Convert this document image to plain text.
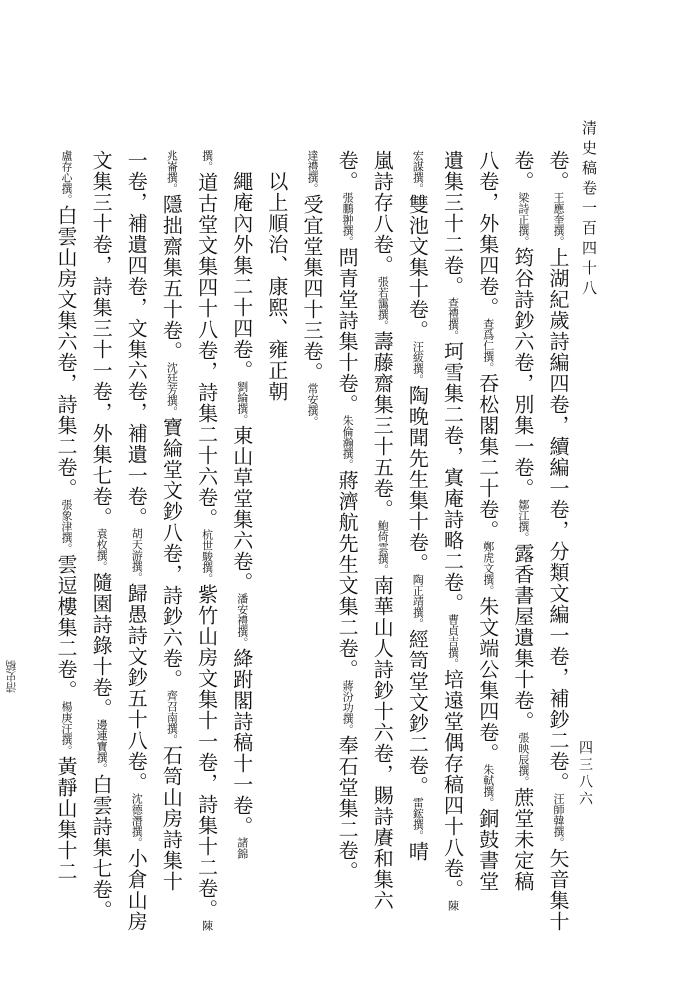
清史稿卷一百四十八
四三八六
卷。王應奎撰。上湖紀歲詩編四卷，續編一卷，分類文編一卷，補鈔二卷。汪師韓撰。矢音集十
卷。梁詩正撰。筠谷詩鈔六卷，別集一卷。鄒江撰。露香書屋遺集十卷。張映辰撰。蔗堂未定稿
八卷，外集四卷。查爲仁撰。吞松閣集二十卷。鄭虎文撰。朱文端公集四卷。朱軾撰。銅鼓書堂
遺集三十二卷。查禮撰。珂雪集二卷，寘庵詩略二卷。曹貞吉撰。培遠堂偶存稿四十八卷。陳
宏謀撰。雙池文集十卷。汪紱撰。陶晚聞先生集十卷。陶正靖撰。經笥堂文鈔二卷。雷鋐撰。晴
嵐詩存八卷。張若靄撰。壽藤齋集三十五卷。鮑倚雲撰。南華山人詩鈔十六卷，賜詩賡和集六
卷。張鵬翀撰。問青堂詩集十卷。朱倫瀚撰。蔣濟航先生文集二卷。蔣汾功撰。奉石堂集二卷。
達禮撰。受宜堂集四十三卷。常安撰。
　以上順治、康熙、雍正朝
　繩庵內外集二十四卷。劉綸撰。東山草堂集六卷。潘安禮撰。絳跗閣詩稿十一卷。諸錦
撰。道古堂文集四十八卷，詩集二十六卷。杭世駿撰。紫竹山房文集十一卷，詩集十二卷。陳
兆崙撰。隱拙齋集五十卷。沈廷芳撰。寶綸堂文鈔八卷，詩鈔六卷。齊召南撰。石笥山房詩集十
一卷，補遺四卷，文集六卷，補遺一卷。胡天游撰。歸愚詩文鈔五十八卷。沈德潛撰。小倉山房
文集三十卷，詩集三十一卷，外集七卷。袁枚撰。隨園詩錄十卷。邊連寶撰。白雲詩集七卷。
盧存心撰。白雲山房文集六卷，詩集二卷。張象津撰。雲逗樓集二卷。楊庚汪撰。黃靜山集十二
清史稿
